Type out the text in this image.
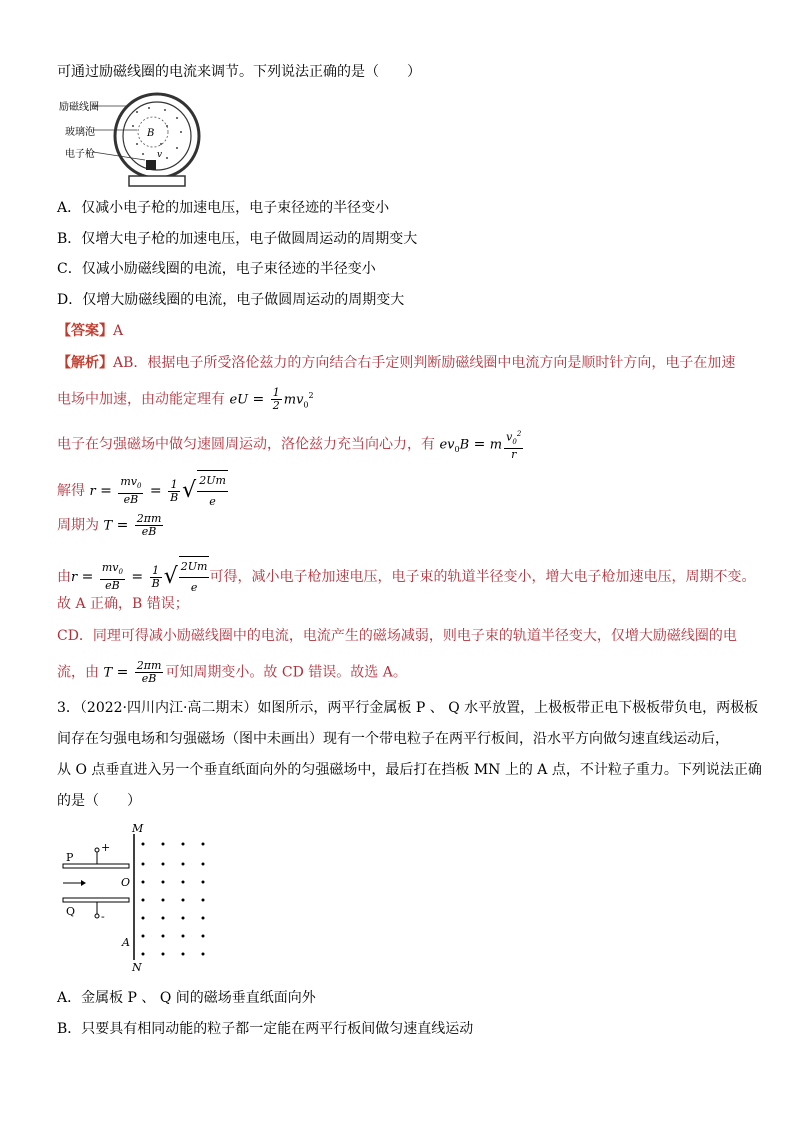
可通过励磁线圈的电流来调节。下列说法正确的是（　　）
励磁线圈
玻璃泡
电子枪
B
v
A．仅减小电子枪的加速电压，电子束径迹的半径变小
B．仅增大电子枪的加速电压，电子做圆周运动的周期变大
C．仅减小励磁线圈的电流，电子束径迹的半径变小
D．仅增大励磁线圈的电流，电子做圆周运动的周期变大
【答案】A
【解析】AB．根据电子所受洛伦兹力的方向结合右手定则判断励磁线圈中电流方向是顺时针方向，电子在加速
电场中加速，由动能定理有 eU = $\frac{1}{2} mv_0^2$
电子在匀强磁场中做匀速圆周运动，洛伦兹力充当向心力，有 $ev_0B = m \frac{v_0^2}{r}$
解得 $r = \frac{mv_0}{eB} = \frac{1}{B}$ √ $\frac{2Um}{e}$
周期为 $T = \frac{2\pi m}{eB}$
由$r = \frac{mv_0}{eB} = \frac{1}{B}$ √ $\frac{2Um}{e}$ 可得，减小电子枪加速电压，电子束的轨道半径变小，增大电子枪加速电压，周期不变。
故 A 正确，B 错误；
CD．同理可得减小励磁线圈中的电流，电流产生的磁场减弱，则电子束的轨道半径变大，仅增大励磁线圈的电
流，由 $T = \frac{2\pi m}{eB}$ 可知周期变小。故 CD 错误。故选 A。
3．（2022·四川内江·高二期末）如图所示，两平行金属板 P 、 Q 水平放置，上极板带正电下极板带负电，两极板
间存在匀强电场和匀强磁场（图中未画出）现有一个带电粒子在两平行板间，沿水平方向做匀速直线运动后，
从 O 点垂直进入另一个垂直纸面向外的匀强磁场中，最后打在挡板 MN 上的 A 点，不计粒子重力。下列说法正确
的是（　　）
M
N
P
Q
O
A
+
-
A．金属板 P 、 Q 间的磁场垂直纸面向外
B．只要具有相同动能的粒子都一定能在两平行板间做匀速直线运动
